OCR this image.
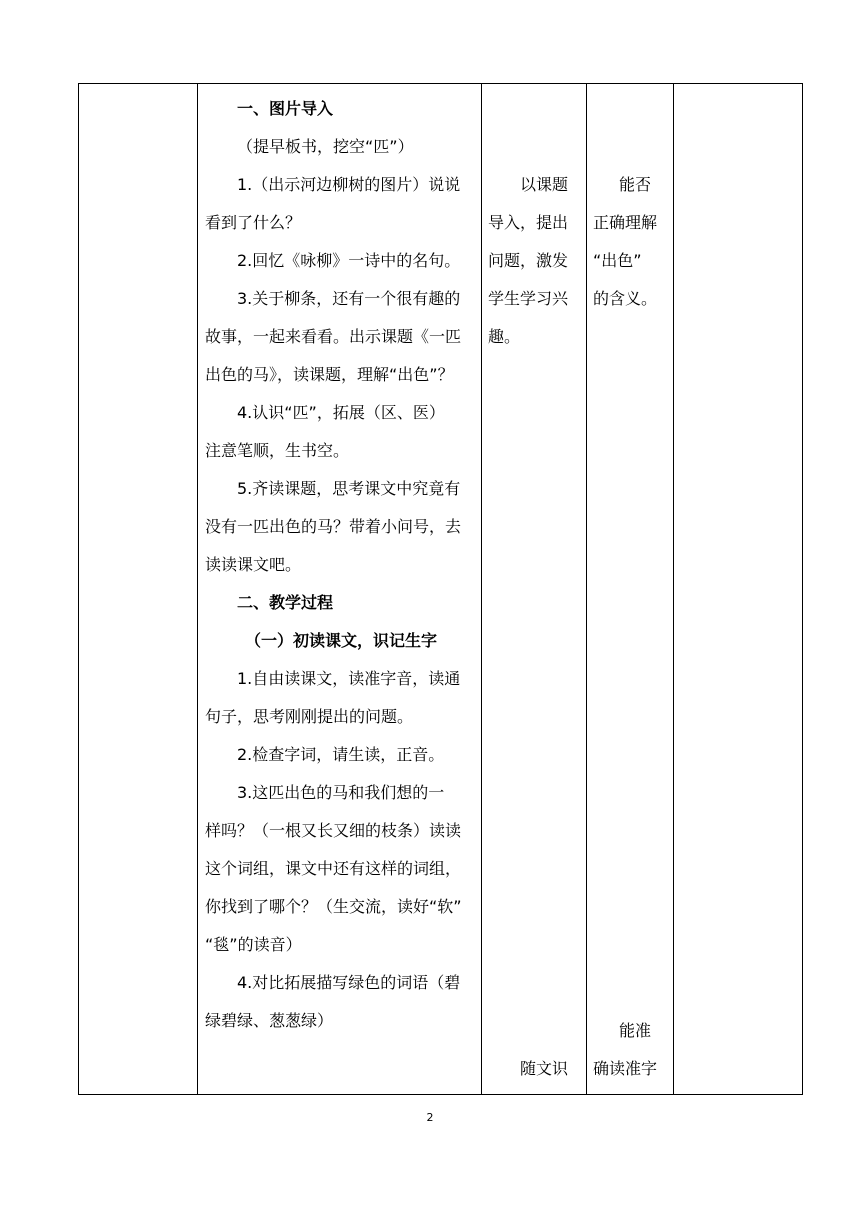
一、图片导入

（提早板书，挖空“匹”）

1.（出示河边柳树的图片）说说

看到了什么？

2.回忆《咏柳》一诗中的名句。

3.关于柳条，还有一个很有趣的

故事，一起来看看。出示课题《一匹

出色的马》，读课题，理解“出色”？

4.认识“匹”，拓展（区、医）

注意笔顺，生书空。

5.齐读课题，思考课文中究竟有

没有一匹出色的马？带着小问号，去

读读课文吧。

二、教学过程

（一）初读课文，识记生字

1.自由读课文，读准字音，读通

句子，思考刚刚提出的问题。

2.检查字词，请生读，正音。

3.这匹出色的马和我们想的一

样吗？（一根又长又细的枝条）读读

这个词组，课文中还有这样的词组，

你找到了哪个？（生交流，读好“软”

“毯”的读音）

4.对比拓展描写绿色的词语（碧

绿碧绿、葱葱绿）

以课题

导入，提出

问题，激发

学生学习兴

趣。

随文识

能否

正确理解

“出色”

的含义。

能准

确读准字

2
